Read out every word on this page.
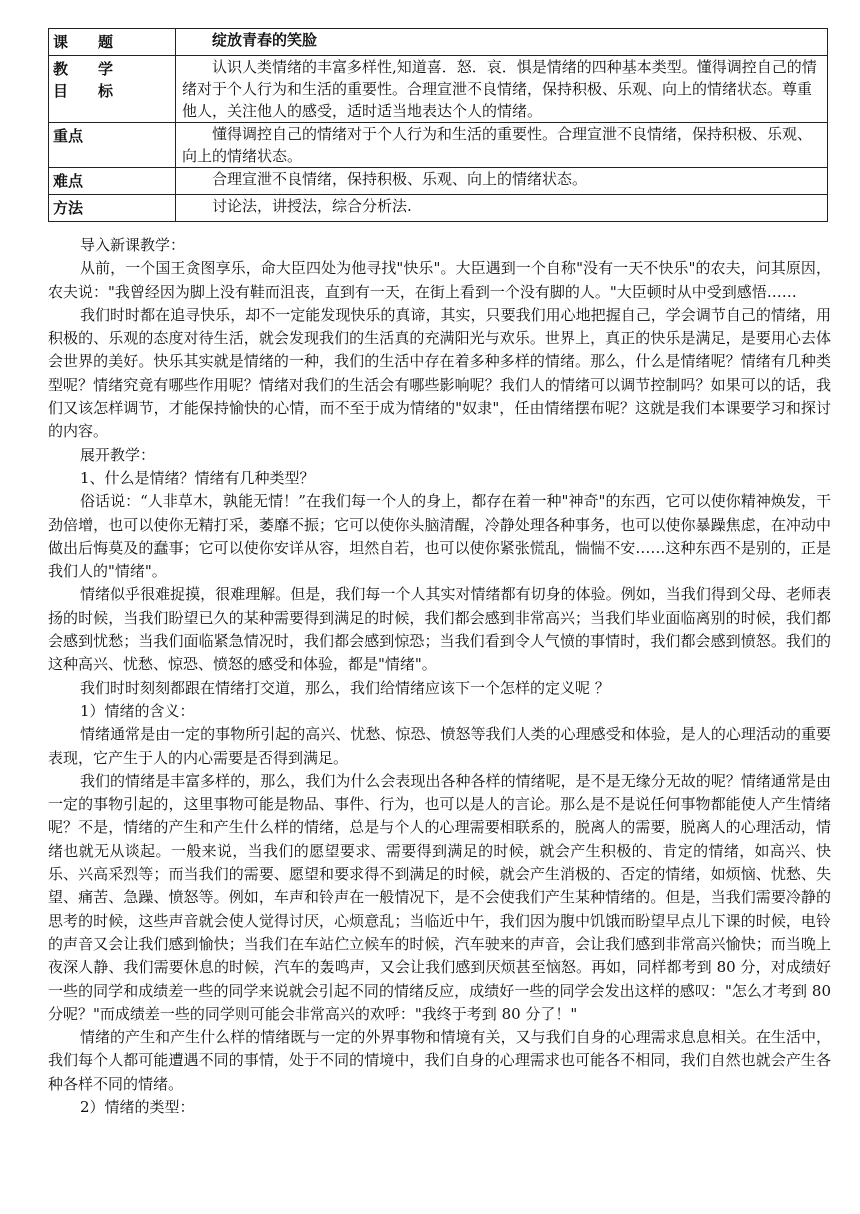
课　　题	绽放青春的笑脸

教　　学
目　　标	认识人类情绪的丰富多样性,知道喜．怒．哀．惧是情绪的四种基本类型。懂得调控自己的情绪对于个人行为和生活的重要性。合理宣泄不良情绪，保持积极、乐观、向上的情绪状态。尊重他人，关注他人的感受，适时适当地表达个人的情绪。
重点	懂得调控自己的情绪对于个人行为和生活的重要性。合理宣泄不良情绪，保持积极、乐观、向上的情绪状态。
难点	合理宣泄不良情绪，保持积极、乐观、向上的情绪状态。
方法	讨论法，讲授法，综合分析法.

导入新课教学：

从前，一个国王贪图享乐，命大臣四处为他寻找"快乐"。大臣遇到一个自称"没有一天不快乐"的农夫，问其原因，农夫说："我曾经因为脚上没有鞋而沮丧，直到有一天，在街上看到一个没有脚的人。"大臣顿时从中受到感悟……

我们时时都在追寻快乐，却不一定能发现快乐的真谛，其实，只要我们用心地把握自己，学会调节自己的情绪，用积极的、乐观的态度对待生活，就会发现我们的生活真的充满阳光与欢乐。世界上，真正的快乐是满足，是要用心去体会世界的美好。快乐其实就是情绪的一种，我们的生活中存在着多种多样的情绪。那么，什么是情绪呢？情绪有几种类型呢？情绪究竟有哪些作用呢？情绪对我们的生活会有哪些影响呢？我们人的情绪可以调节控制吗？如果可以的话，我们又该怎样调节，才能保持愉快的心情，而不至于成为情绪的"奴隶"，任由情绪摆布呢？这就是我们本课要学习和探讨的内容。

展开教学：

1、什么是情绪？情绪有几种类型？

俗话说：“人非草木，孰能无情！”在我们每一个人的身上，都存在着一种"神奇"的东西，它可以使你精神焕发，干劲倍增，也可以使你无精打采，萎靡不振；它可以使你头脑清醒，冷静处理各种事务，也可以使你暴躁焦虑，在冲动中做出后悔莫及的蠢事；它可以使你安详从容，坦然自若，也可以使你紧张慌乱，惴惴不安……这种东西不是别的，正是我们人的"情绪"。

情绪似乎很难捉摸，很难理解。但是，我们每一个人其实对情绪都有切身的体验。例如，当我们得到父母、老师表扬的时候，当我们盼望已久的某种需要得到满足的时候，我们都会感到非常高兴；当我们毕业面临离别的时候，我们都会感到忧愁；当我们面临紧急情况时，我们都会感到惊恐；当我们看到令人气愤的事情时，我们都会感到愤怒。我们的这种高兴、忧愁、惊恐、愤怒的感受和体验，都是"情绪"。

我们时时刻刻都跟在情绪打交道，那么，我们给情绪应该下一个怎样的定义呢 ？

1）情绪的含义：

情绪通常是由一定的事物所引起的高兴、忧愁、惊恐、愤怒等我们人类的心理感受和体验，是人的心理活动的重要表现，它产生于人的内心需要是否得到满足。

我们的情绪是丰富多样的，那么，我们为什么会表现出各种各样的情绪呢，是不是无缘分无故的呢？情绪通常是由一定的事物引起的，这里事物可能是物品、事件、行为，也可以是人的言论。那么是不是说任何事物都能使人产生情绪呢？不是，情绪的产生和产生什么样的情绪，总是与个人的心理需要相联系的，脱离人的需要，脱离人的心理活动，情绪也就无从谈起。一般来说，当我们的愿望要求、需要得到满足的时候，就会产生积极的、肯定的情绪，如高兴、快乐、兴高采烈等；而当我们的需要、愿望和要求得不到满足的时候，就会产生消极的、否定的情绪，如烦恼、忧愁、失望、痛苦、急躁、愤怒等。例如，车声和铃声在一般情况下，是不会使我们产生某种情绪的。但是，当我们需要冷静的思考的时候，这些声音就会使人觉得讨厌，心烦意乱；当临近中午，我们因为腹中饥饿而盼望早点儿下课的时候，电铃的声音又会让我们感到愉快；当我们在车站伫立候车的时候，汽车驶来的声音，会让我们感到非常高兴愉快；而当晚上夜深人静、我们需要休息的时候，汽车的轰鸣声，又会让我们感到厌烦甚至恼怒。再如，同样都考到 80 分，对成绩好一些的同学和成绩差一些的同学来说就会引起不同的情绪反应，成绩好一些的同学会发出这样的感叹："怎么才考到 80 分呢？"而成绩差一些的同学则可能会非常高兴的欢呼："我终于考到 80 分了！"

情绪的产生和产生什么样的情绪既与一定的外界事物和情境有关，又与我们自身的心理需求息息相关。在生活中，我们每个人都可能遭遇不同的事情，处于不同的情境中，我们自身的心理需求也可能各不相同，我们自然也就会产生各种各样不同的情绪。

2）情绪的类型：
